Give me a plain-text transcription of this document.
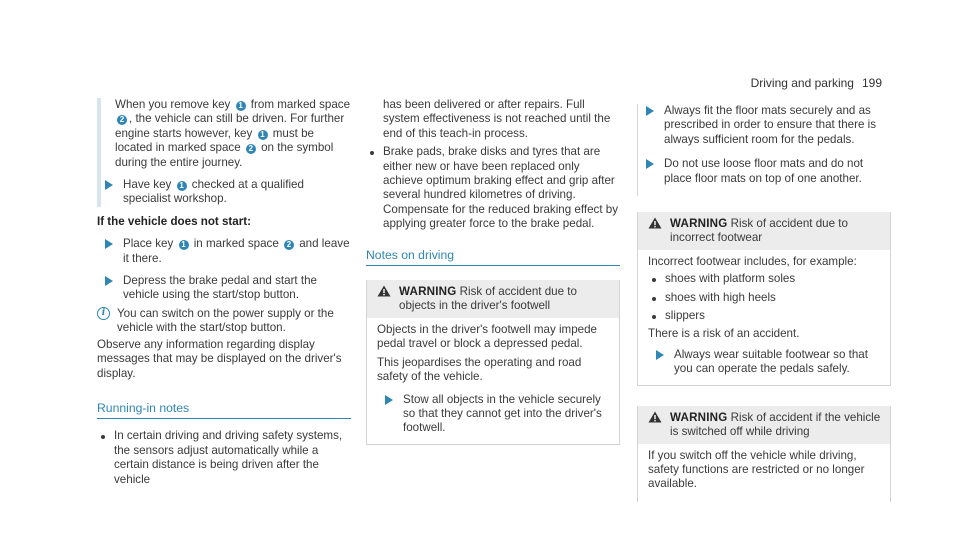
Driving and parking 199

When you remove key 1 from marked space 2 , the vehicle can still be driven. For further engine starts however, key 1 must be located in marked space 2 on the symbol during the entire journey.

Have key 1 checked at a qualified specialist workshop.
If the vehicle does not start:
Place key 1 in marked space 2 and leave it there.
Depress the brake pedal and start the vehicle using the start/stop button.
i	You can switch on the power supply or the vehicle with the start/stop button.

Observe any information regarding display messages that may be displayed on the driver's display.

Running-in notes
In certain driving and driving safety systems, the sensors adjust automatically while a certain distance is being driven after the vehicle

has been delivered or after repairs. Full system effectiveness is not reached until the end of this teach-in process.

Brake pads, brake disks and tyres that are either new or have been replaced only achieve optimum braking effect and grip after several hundred kilometres of driving. Compensate for the reduced braking effect by applying greater force to the brake pedal.
Notes on driving
WARNING Risk of accident due to objects in the driver's footwell

Objects in the driver's footwell may impede pedal travel or block a depressed pedal.

This jeopardises the operating and road safety of the vehicle.

Stow all objects in the vehicle securely so that they cannot get into the driver's footwell.
Always fit the floor mats securely and as prescribed in order to ensure that there is always sufficient room for the pedals.
Do not use loose floor mats and do not place floor mats on top of one another.
WARNING Risk of accident due to incorrect footwear

Incorrect footwear includes, for example:

shoes with platform soles
shoes with high heels
slippers

There is a risk of an accident.

Always wear suitable footwear so that you can operate the pedals safely.
WARNING Risk of accident if the vehicle is switched off while driving

If you switch off the vehicle while driving, safety functions are restricted or no longer available.
